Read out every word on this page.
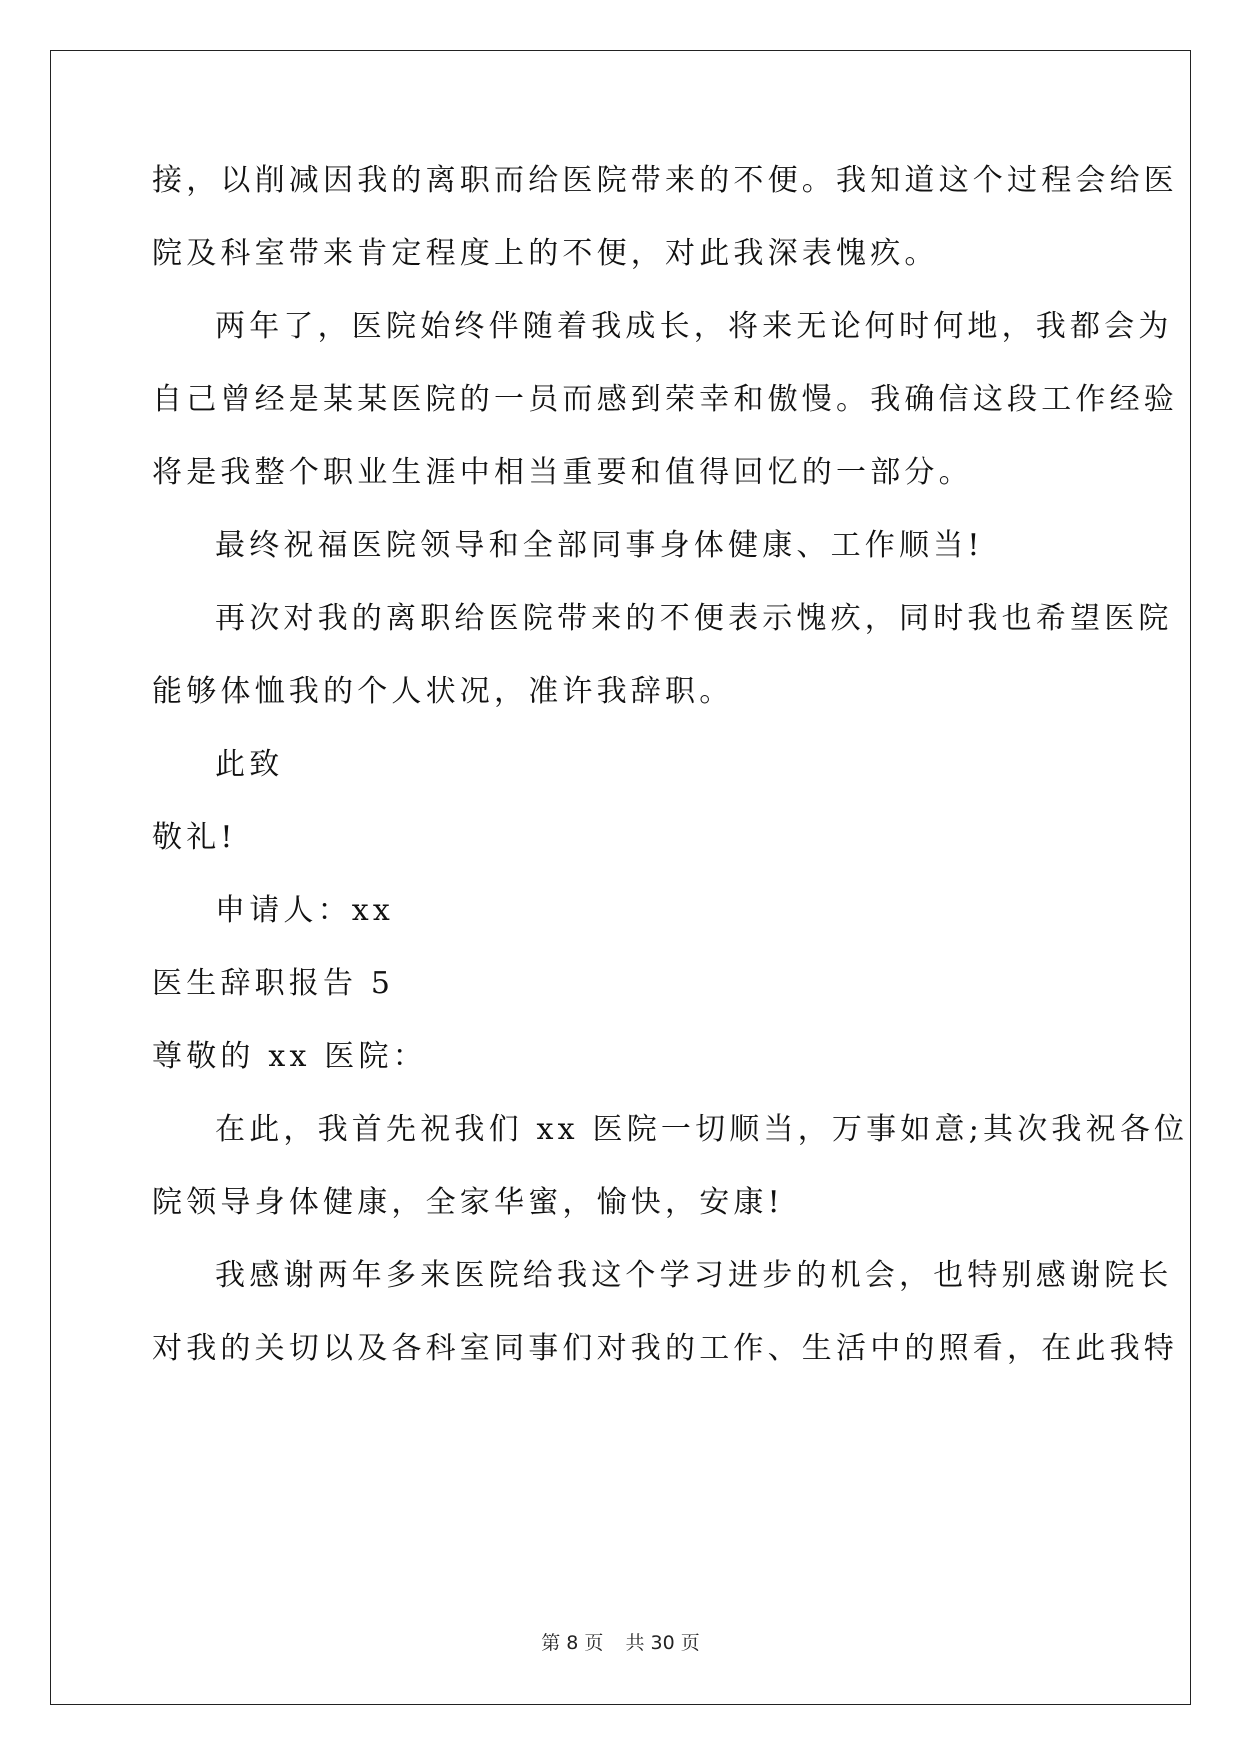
接，以削减因我的离职而给医院带来的不便。我知道这个过程会给医
院及科室带来肯定程度上的不便，对此我深表愧疚。
两年了，医院始终伴随着我成长，将来无论何时何地，我都会为
自己曾经是某某医院的一员而感到荣幸和傲慢。我确信这段工作经验
将是我整个职业生涯中相当重要和值得回忆的一部分。
最终祝福医院领导和全部同事身体健康、工作顺当!
再次对我的离职给医院带来的不便表示愧疚，同时我也希望医院
能够体恤我的个人状况，准许我辞职。
此致
敬礼!
申请人：xx
医生辞职报告 5
尊敬的 xx 医院：
在此，我首先祝我们 xx 医院一切顺当，万事如意;其次我祝各位
院领导身体健康，全家华蜜，愉快，安康!
我感谢两年多来医院给我这个学习进步的机会，也特别感谢院长
对我的关切以及各科室同事们对我的工作、生活中的照看，在此我特
第 8 页 共 30 页
